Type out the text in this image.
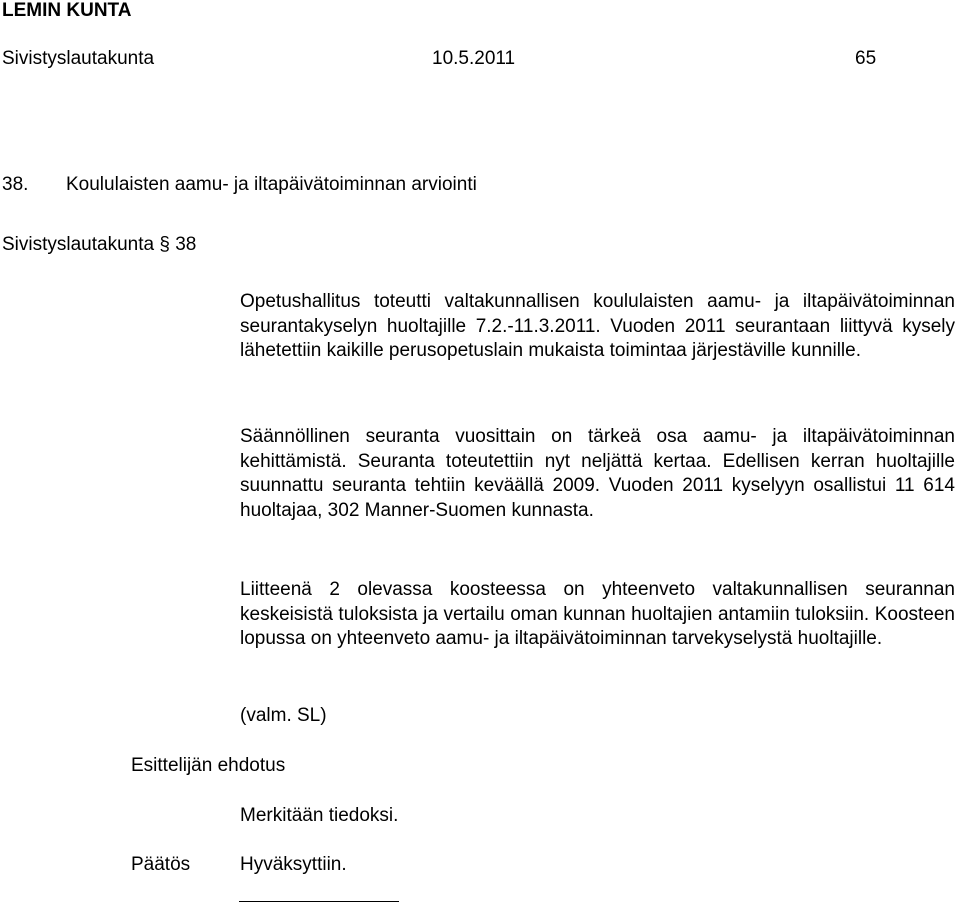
LEMIN KUNTA
Sivistyslautakunta	10.5.2011	65
38. Koululaisten aamu- ja iltapäivätoiminnan arviointi
Sivistyslautakunta § 38

Opetushallitus toteutti valtakunnallisen koululaisten aamu- ja iltapäivätoiminnan seurantakyselyn huoltajille 7.2.-11.3.2011. Vuoden 2011 seurantaan liittyvä kysely lähetettiin kaikille perusopetuslain mukaista toimintaa järjestäville kunnille.

Säännöllinen seuranta vuosittain on tärkeä osa aamu- ja iltapäivätoiminnan kehittämistä. Seuranta toteutettiin nyt neljättä kertaa. Edellisen kerran huoltajille suunnattu seuranta tehtiin keväällä 2009. Vuoden 2011 kyselyyn osallistui 11 614 huoltajaa, 302 Manner-Suomen kunnasta.

Liitteenä 2 olevassa koosteessa on yhteenveto valtakunnallisen seurannan keskeisistä tuloksista ja vertailu oman kunnan huoltajien antamiin tuloksiin. Koosteen lopussa on yhteenveto aamu- ja iltapäivätoiminnan tarvekyselystä huoltajille.

(valm. SL)
Esittelijän ehdotus
Merkitään tiedoksi.
Päätös	Hyväksyttiin.
